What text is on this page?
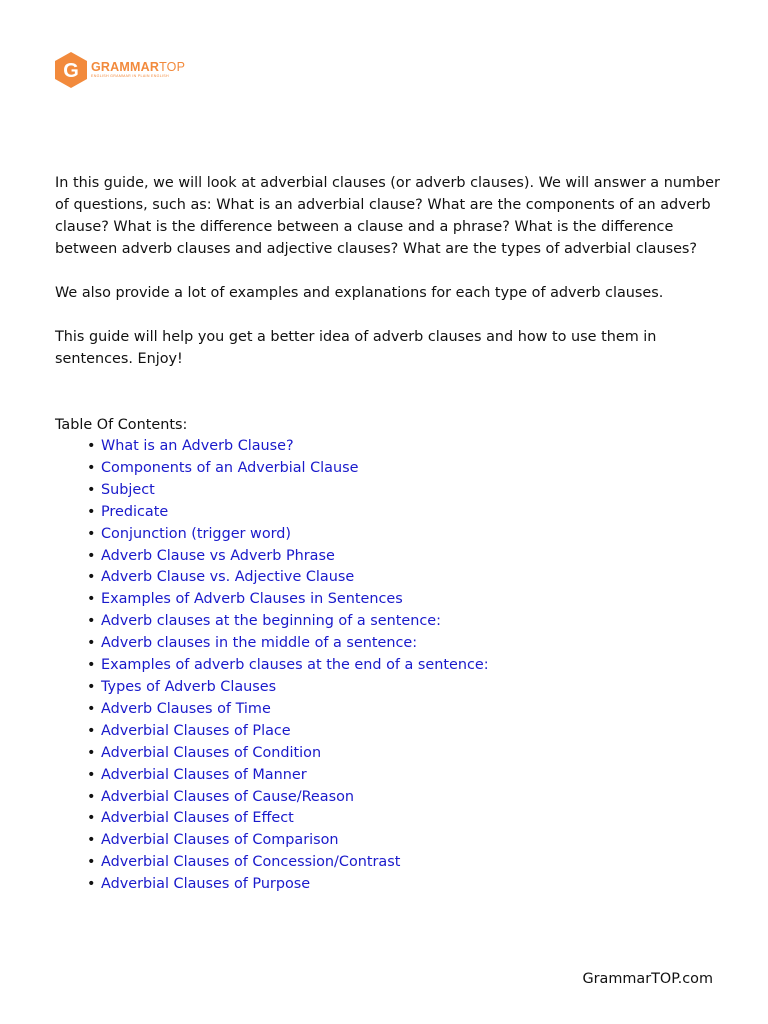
G GRAMMARTOP
ENGLISH GRAMMAR IN PLAIN ENGLISH

In this guide, we will look at adverbial clauses (or adverb clauses). We will answer a number of questions, such as: What is an adverbial clause? What are the components of an adverb clause? What is the difference between a clause and a phrase? What is the difference between adverb clauses and adjective clauses? What are the types of adverbial clauses?

We also provide a lot of examples and explanations for each type of adverb clauses.

This guide will help you get a better idea of adverb clauses and how to use them in sentences. Enjoy!

Table Of Contents:
• What is an Adverb Clause?
• Components of an Adverbial Clause
• Subject
• Predicate
• Conjunction (trigger word)
• Adverb Clause vs Adverb Phrase
• Adverb Clause vs. Adjective Clause
• Examples of Adverb Clauses in Sentences
• Adverb clauses at the beginning of a sentence:
• Adverb clauses in the middle of a sentence:
• Examples of adverb clauses at the end of a sentence:
• Types of Adverb Clauses
• Adverb Clauses of Time
• Adverbial Clauses of Place
• Adverbial Clauses of Condition
• Adverbial Clauses of Manner
• Adverbial Clauses of Cause/Reason
• Adverbial Clauses of Effect
• Adverbial Clauses of Comparison
• Adverbial Clauses of Concession/Contrast
• Adverbial Clauses of Purpose
GrammarTOP.com
